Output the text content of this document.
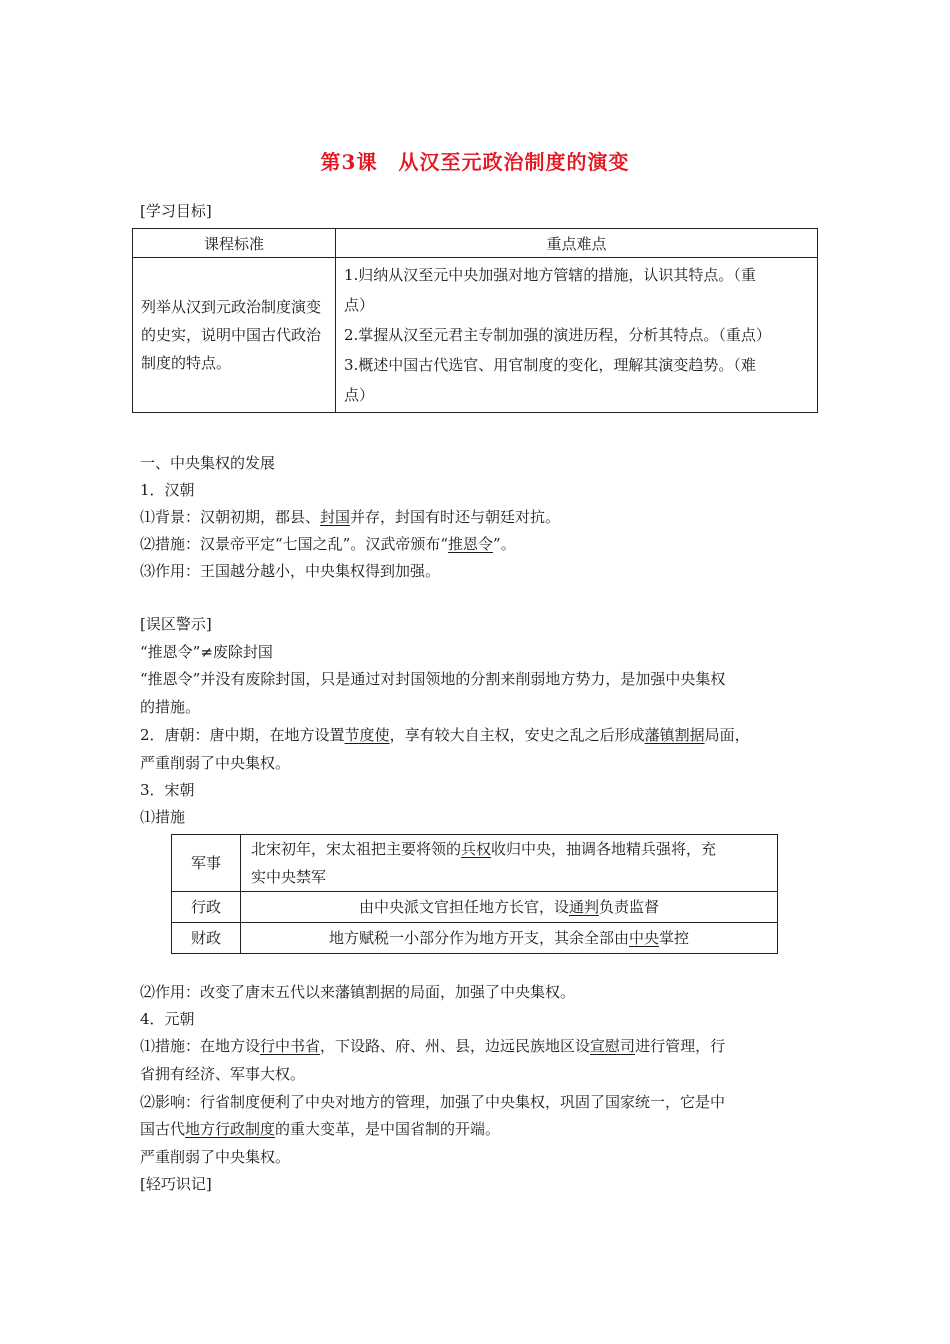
第3课　从汉至元政治制度的演变
[学习目标]
课程标准	重点难点
列举从汉到元政治制度演变的史实，说明中国古代政治制度的特点。	1.归纳从汉至元中央加强对地方管辖的措施，认识其特点。（重
点）
2.掌握从汉至元君主专制加强的演进历程，分析其特点。（重点）
3.概述中国古代选官、用官制度的变化，理解其演变趋势。（难
点）
一、中央集权的发展
1．汉朝
⑴背景：汉朝初期，郡县、封国并存，封国有时还与朝廷对抗。
⑵措施：汉景帝平定“七国之乱”。汉武帝颁布“推恩令”。
⑶作用：王国越分越小，中央集权得到加强。
[误区警示]
“推恩令”≠废除封国
“推恩令”并没有废除封国，只是通过对封国领地的分割来削弱地方势力，是加强中央集权
的措施。
2．唐朝：唐中期，在地方设置节度使，享有较大自主权，安史之乱之后形成藩镇割据局面，
严重削弱了中央集权。
3．宋朝
⑴措施
军事	北宋初年，宋太祖把主要将领的兵权收归中央，抽调各地精兵强将，充
实中央禁军
行政	由中央派文官担任地方长官，设通判负责监督
财政	地方赋税一小部分作为地方开支，其余全部由中央掌控
⑵作用：改变了唐末五代以来藩镇割据的局面，加强了中央集权。
4．元朝
⑴措施：在地方设行中书省，下设路、府、州、县，边远民族地区设宣慰司进行管理，行
省拥有经济、军事大权。
⑵影响：行省制度便利了中央对地方的管理，加强了中央集权，巩固了国家统一，它是中
国古代地方行政制度的重大变革，是中国省制的开端。
严重削弱了中央集权。
[轻巧识记]
